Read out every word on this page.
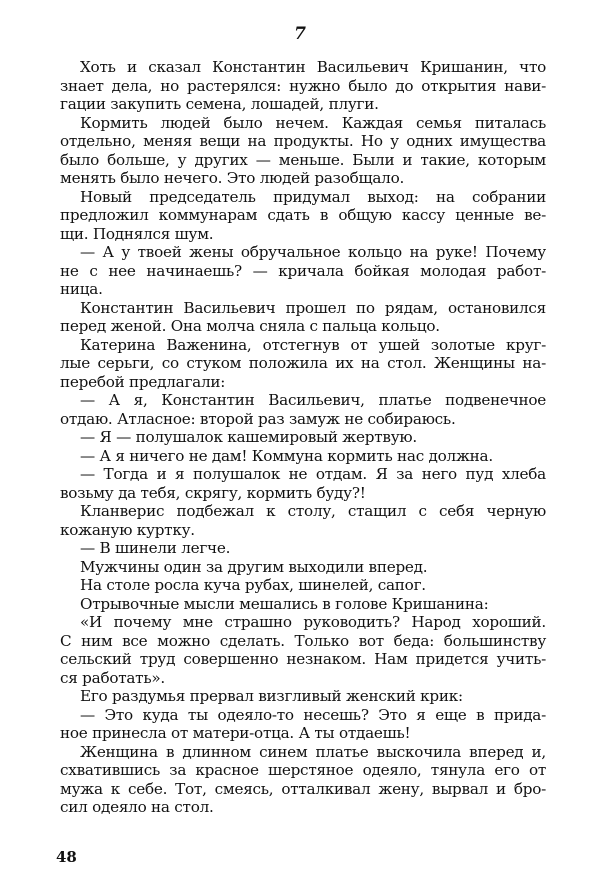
7
Хоть и сказал Константин Васильевич Кришанин, что
знает дела, но растерялся: нужно было до открытия нави-
гации закупить семена, лошадей, плуги.
Кормить людей было нечем. Каждая семья питалась
отдельно, меняя вещи на продукты. Но у одних имущества
было больше, у других — меньше. Были и такие, которым
менять было нечего. Это людей разобщало.
Новый председатель придумал выход: на собрании
предложил коммунарам сдать в общую кассу ценные ве-
щи. Поднялся шум.
— А у твоей жены обручальное кольцо на руке! Почему
не с нее начинаешь? — кричала бойкая молодая работ-
ница.
Константин Васильевич прошел по рядам, остановился
перед женой. Она молча сняла с пальца кольцо.
Катерина Важенина, отстегнув от ушей золотые круг-
лые серьги, со стуком положила их на стол. Женщины на-
перебой предлагали:
— А я, Константин Васильевич, платье подвенечное
отдаю. Атласное: второй раз замуж не собираюсь.
— Я — полушалок кашемировый жертвую.
— А я ничего не дам! Коммуна кормить нас должна.
— Тогда и я полушалок не отдам. Я за него пуд хлеба
возьму да тебя, скрягу, кормить буду?!
Кланверис подбежал к столу, стащил с себя черную
кожаную куртку.
— В шинели легче.
Мужчины один за другим выходили вперед.
На столе росла куча рубах, шинелей, сапог.
Отрывочные мысли мешались в голове Кришанина:
«И почему мне страшно руководить? Народ хороший.
С ним все можно сделать. Только вот беда: большинству
сельский труд совершенно незнаком. Нам придется учить-
ся работать».
Его раздумья прервал визгливый женский крик:
— Это куда ты одеяло-то несешь? Это я еще в прида-
ное принесла от матери-отца. А ты отдаешь!
Женщина в длинном синем платье выскочила вперед и,
схватившись за красное шерстяное одеяло, тянула его от
мужа к себе. Тот, смеясь, отталкивал жену, вырвал и бро-
сил одеяло на стол.
48
